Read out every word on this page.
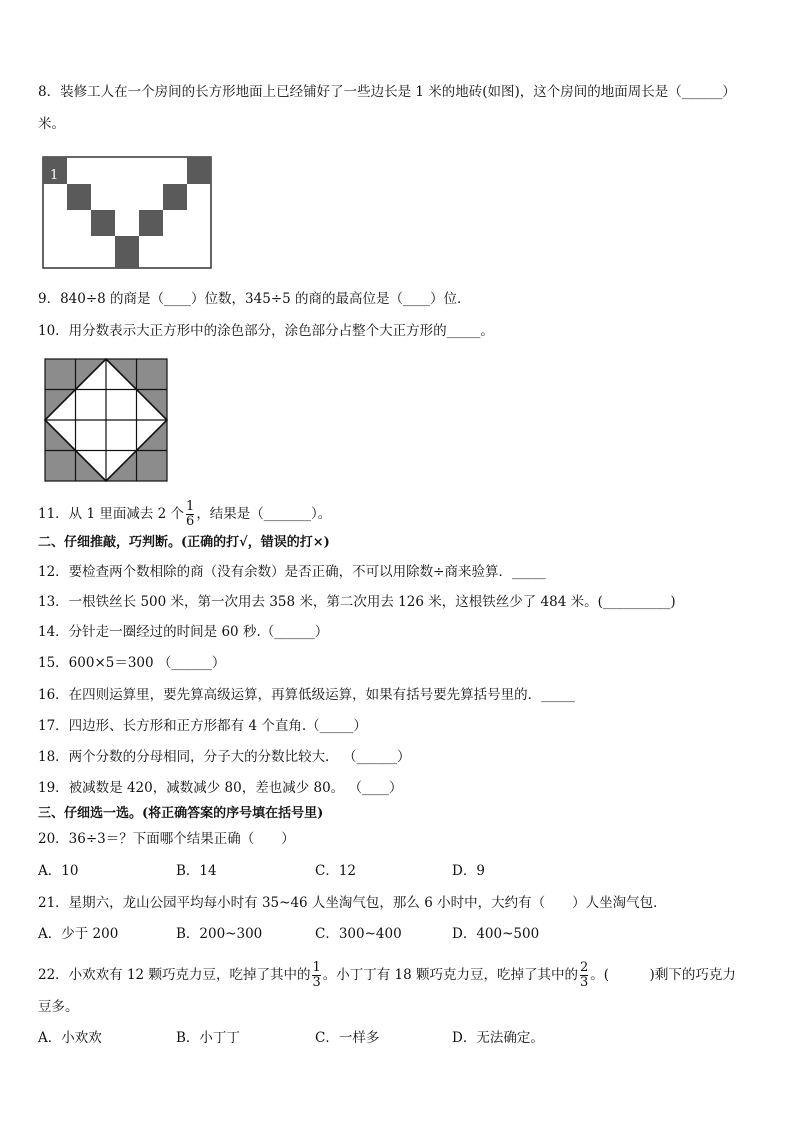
8．装修工人在一个房间的长方形地面上已经铺好了一些边长是 1 米的地砖(如图)，这个房间的地面周长是（______）
米。
1
9．840÷8 的商是（____）位数，345÷5 的商的最高位是（____）位．
10．用分数表示大正方形中的涂色部分，涂色部分占整个大正方形的_____。
11．从 1 里面减去 2 个 $\frac{1}{6}$ ，结果是（_______）。
二、仔细推敲，巧判断。(正确的打√，错误的打×)
12．要检查两个数相除的商（没有余数）是否正确，不可以用除数÷商来验算．_____
13．一根铁丝长 500 米，第一次用去 358 米，第二次用去 126 米，这根铁丝少了 484 米。(__________)
14．分针走一圈经过的时间是 60 秒.（______）
15．600×5＝300 （______）
16．在四则运算里，要先算高级运算，再算低级运算，如果有括号要先算括号里的．_____
17．四边形、长方形和正方形都有 4 个直角.（_____）
18．两个分数的分母相同，分子大的分数比较大． （______）
19．被减数是 420，减数减少 80，差也减少 80。 （____）
三、仔细选一选。(将正确答案的序号填在括号里)
20．36÷3＝？下面哪个结果正确（　　）
A．10	B．14	C．12	D．9
21．星期六，龙山公园平均每小时有 35~46 人坐淘气包，那么 6 小时中，大约有（　　）人坐淘气包．
A．少于 200	B．200~300	C．300~400	D．400~500
22．小欢欢有 12 颗巧克力豆，吃掉了其中的 $\frac{1}{3}$ 。小丁丁有 18 颗巧克力豆，吃掉了其中的 $\frac{2}{3}$ 。(　　　)剩下的巧克力
豆多。
A．小欢欢	B．小丁丁	C．一样多	D．无法确定。
